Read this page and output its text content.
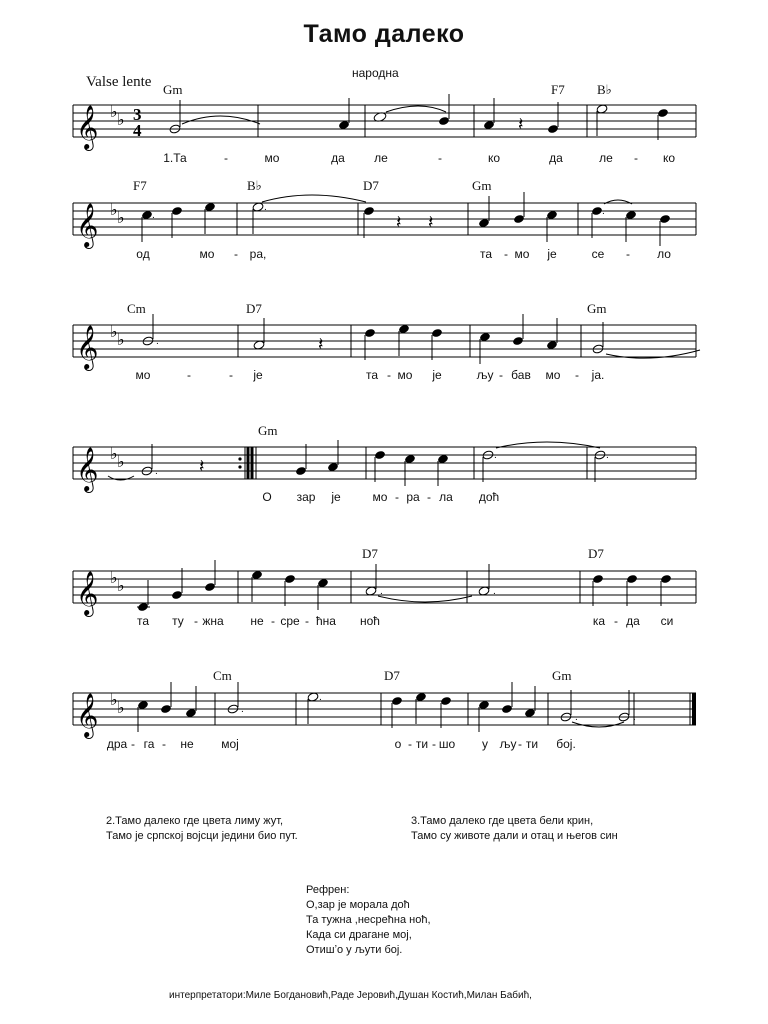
Тамо далеко
народна
Valse lente
𝄞 ♭ ♭ 3
4	𝄽
Gm	F7 B♭
1.Та	-	мо	да ле	-	ко	да	ле - ко
.
𝄞 ♭ ♭	.	𝄽 𝄽
.
F7	B♭	D7	Gm
од	мо - ра,	та - мо је	се - ло
𝄞 ♭ ♭	.	𝄽
Cm	D7	Gm
мо	-	- је	та - мо је	љу - бав мо - ја.
𝄞 ♭ ♭
. 𝄽
.	.
Gm
О зар је	мо - ра - ла доћ
𝄞 ♭ ♭	.	.
D7	D7
та ту - жна не - сре - ћна ноћ	ка - да си
𝄞 ♭ ♭	.
.
.	.
Cm	D7	Gm
дра - га - не мој	о - ти - шо у љу - ти бој.
2.Тамо далеко где цвета лиму жут,
Тамо је српској војсци једини био пут.
3.Тамо далеко где цвета бели крин,
Тамо су животе дали и отац и његов син
Рефрен:
О,зар је морала доћ
Та тужна ,несрећна ноћ,
Када си драгане мој,
Отишʼо у љути бој.
интерпретатори:Миле Богдановић,Раде Јеровић,Душан Костић,Милан Бабић,
